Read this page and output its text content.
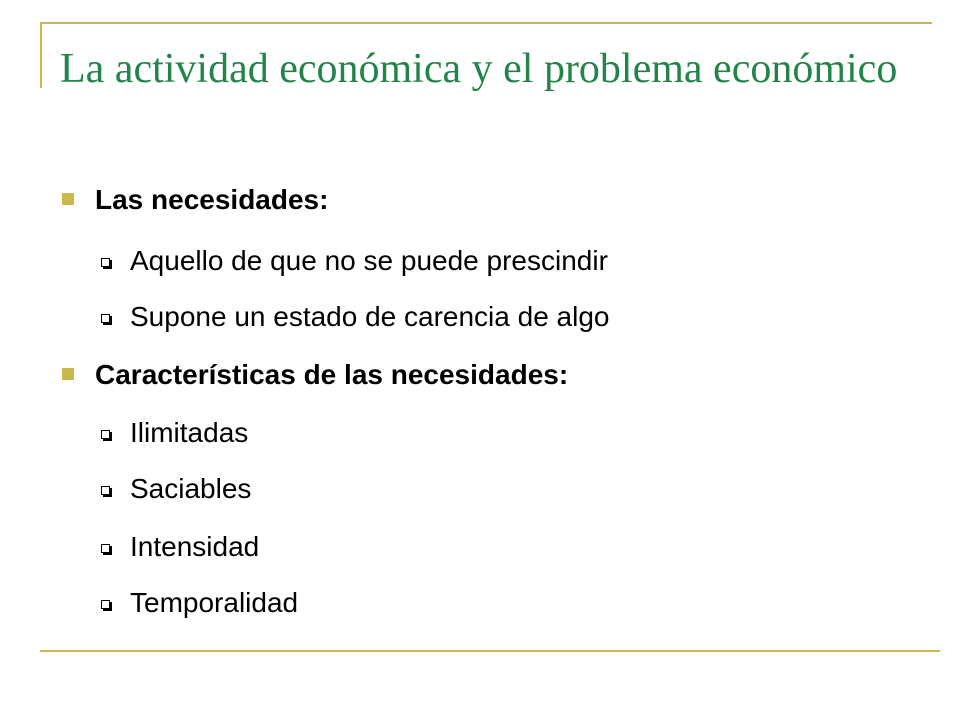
La actividad económica y el problema económico
Las necesidades:
Aquello de que no se puede prescindir
Supone un estado de carencia de algo
Características de las necesidades:
Ilimitadas
Saciables
Intensidad
Temporalidad
